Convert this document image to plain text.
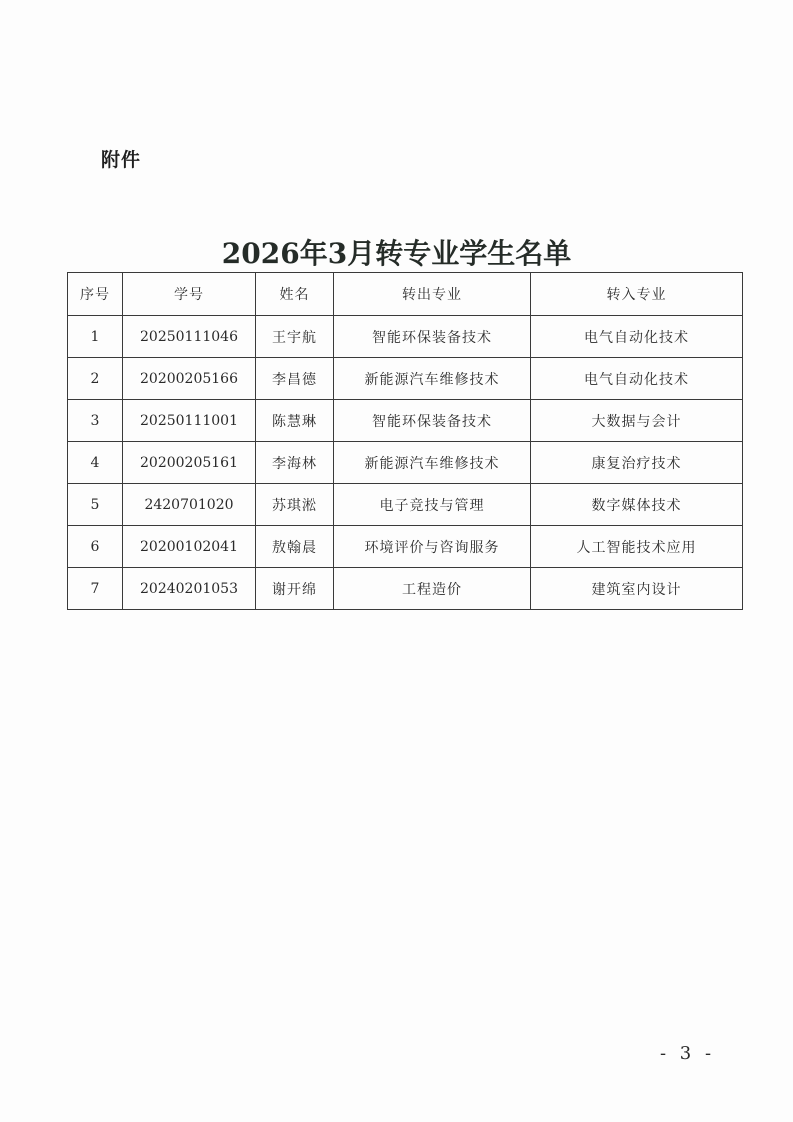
附件
2026年3月转专业学生名单
序号	学号	姓名	转出专业	转入专业
1	20250111046	王宇航	智能环保装备技术	电气自动化技术
2	20200205166	李昌德	新能源汽车维修技术	电气自动化技术
3	20250111001	陈慧琳	智能环保装备技术	大数据与会计
4	20200205161	李海林	新能源汽车维修技术	康复治疗技术
5	2420701020	苏琪淞	电子竞技与管理	数字媒体技术
6	20200102041	敖翰晨	环境评价与咨询服务	人工智能技术应用
7	20240201053	谢开绵	工程造价	建筑室内设计
- 3 -
